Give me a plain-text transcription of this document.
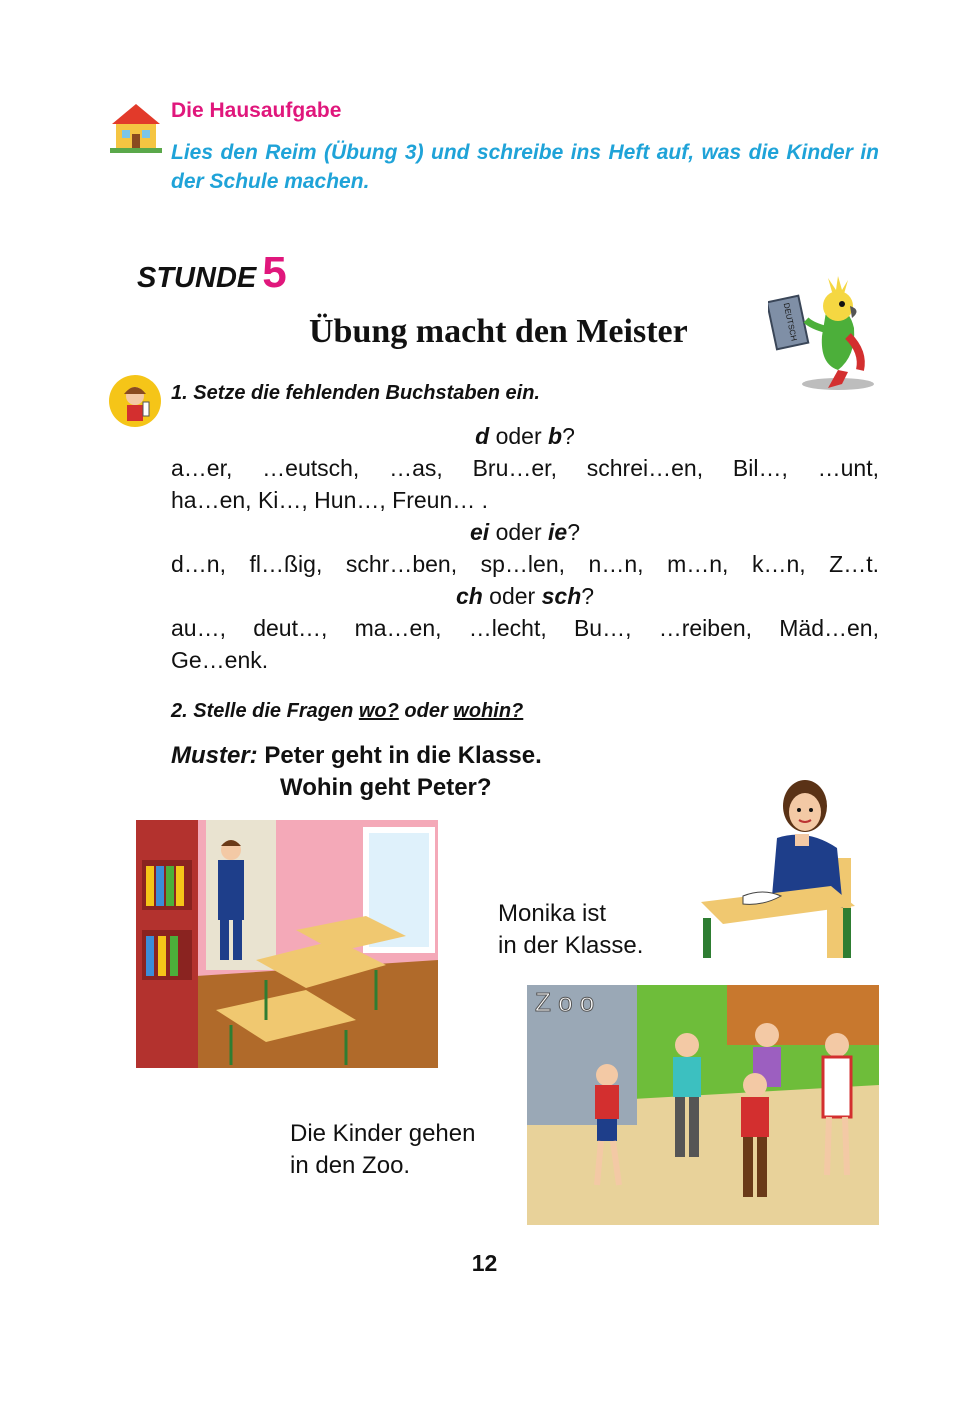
Die Hausaufgabe
Lies den Reim (Übung 3) und schreibe ins Heft auf, was die Kinder in der Schule machen.
STUNDE 5
Übung macht den Meister	DEUTSCH
1. Setze die fehlenden Buchstaben ein.
d oder b?
a…er, …eutsch, …as, Bru…er, schrei…en, Bil…, …unt,
ha…en, Ki…, Hun…, Freun… .
ei oder ie?
d…n, fl…ßig, schr…ben, sp…len, n…n, m…n, k…n, Z…t.
ch oder sch?
au…, deut…, ma…en, …lecht, Bu…, …reiben, Mäd…en,
Ge…enk.
2. Stelle die Fragen wo? oder wohin?
Muster: Peter geht in die Klasse.
Wohin geht Peter?
Monika ist
in der Klasse.
Z o o
Die Kinder gehen
in den Zoo.
12
